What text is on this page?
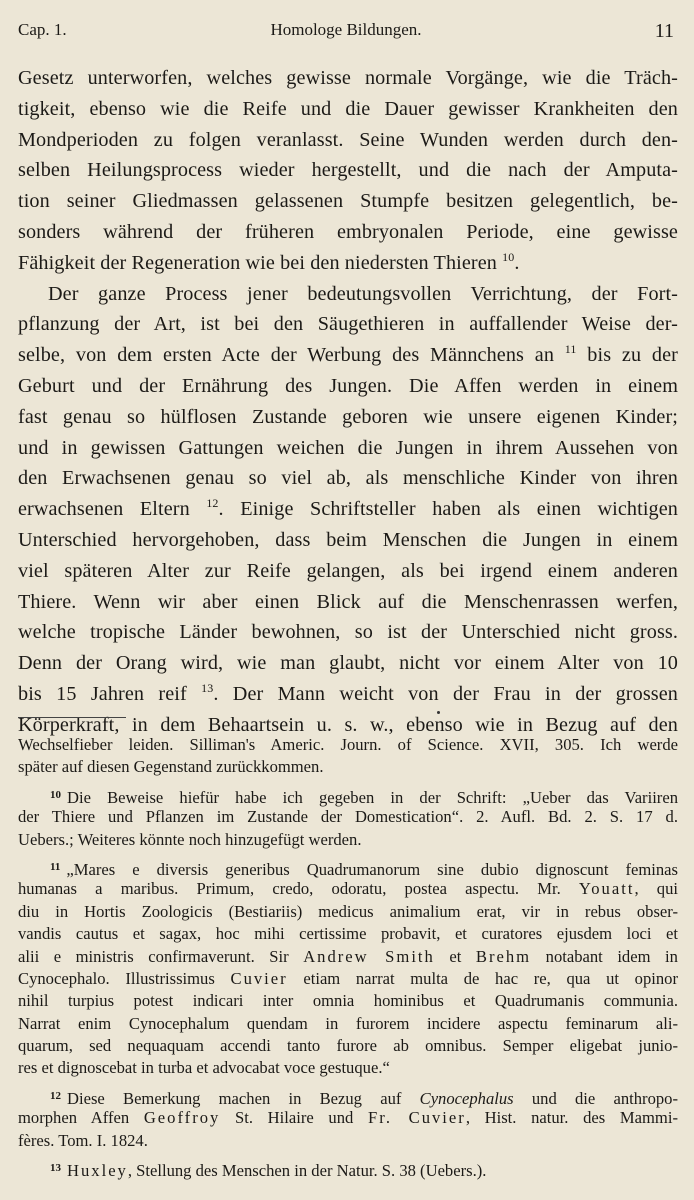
Cap. 1.	Homologe Bildungen.	11
Gesetz unterworfen, welches gewisse normale Vorgänge, wie die Träch-
tigkeit, ebenso wie die Reife und die Dauer gewisser Krankheiten den
Mondperioden zu folgen veranlasst. Seine Wunden werden durch den-
selben Heilungsprocess wieder hergestellt, und die nach der Amputa-
tion seiner Gliedmassen gelassenen Stumpfe besitzen gelegentlich, be-
sonders während der früheren embryonalen Periode, eine gewisse
Fähigkeit der Regeneration wie bei den niedersten Thieren $^{10}$.
Der ganze Process jener bedeutungsvollen Verrichtung, der Fort-
pflanzung der Art, ist bei den Säugethieren in auffallender Weise der-
selbe, von dem ersten Acte der Werbung des Männchens an $^{11}$ bis zu der
Geburt und der Ernährung des Jungen. Die Affen werden in einem
fast genau so hülflosen Zustande geboren wie unsere eigenen Kinder;
und in gewissen Gattungen weichen die Jungen in ihrem Aussehen von
den Erwachsenen genau so viel ab, als menschliche Kinder von ihren
erwachsenen Eltern $^{12}$. Einige Schriftsteller haben als einen wichtigen
Unterschied hervorgehoben, dass beim Menschen die Jungen in einem
viel späteren Alter zur Reife gelangen, als bei irgend einem anderen
Thiere. Wenn wir aber einen Blick auf die Menschenrassen werfen,
welche tropische Länder bewohnen, so ist der Unterschied nicht gross.
Denn der Orang wird, wie man glaubt, nicht vor einem Alter von 10
bis 15 Jahren reif $^{13}$. Der Mann weicht von der Frau in der grossen
Körperkraft, in dem Behaartsein u. s. w., ebenso wie in Bezug auf den
Wechselfieber leiden. Silliman's Americ. Journ. of Science. XVII, 305. Ich werde
später auf diesen Gegenstand zurückkommen.
$^{10}$ Die Beweise hiefür habe ich gegeben in der Schrift: „Ueber das Variiren
der Thiere und Pflanzen im Zustande der Domestication“. 2. Aufl. Bd. 2. S. 17 d.
Uebers.; Weiteres könnte noch hinzugefügt werden.
$^{11}$ „Mares e diversis generibus Quadrumanorum sine dubio dignoscunt feminas
humanas a maribus. Primum, credo, odoratu, postea aspectu. Mr. Youatt, qui
diu in Hortis Zoologicis (Bestiariis) medicus animalium erat, vir in rebus obser-
vandis cautus et sagax, hoc mihi certissime probavit, et curatores ejusdem loci et
alii e ministris confirmaverunt. Sir Andrew Smith et Brehm notabant idem in
Cynocephalo. Illustrissimus Cuvier etiam narrat multa de hac re, qua ut opinor
nihil turpius potest indicari inter omnia hominibus et Quadrumanis communia.
Narrat enim Cynocephalum quendam in furorem incidere aspectu feminarum ali-
quarum, sed nequaquam accendi tanto furore ab omnibus. Semper eligebat junio-
res et dignoscebat in turba et advocabat voce gestuque.“
$^{12}$ Diese Bemerkung machen in Bezug auf Cynocephalus und die anthropo-
morphen Affen Geoffroy St. Hilaire und Fr. Cuvier, Hist. natur. des Mammi-
fères. Tom. I. 1824.
$^{13}$ Huxley, Stellung des Menschen in der Natur. S. 38 (Uebers.).
